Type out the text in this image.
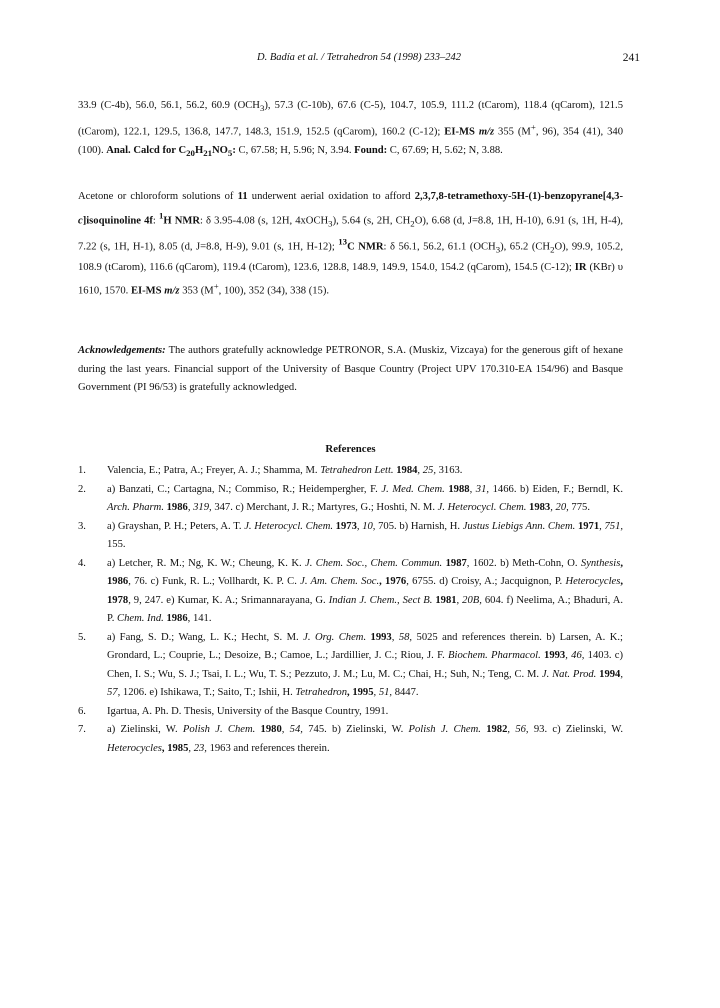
D. Badía et al. / Tetrahedron 54 (1998) 233–242	241

33.9 (C-4b), 56.0, 56.1, 56.2, 60.9 $(OCH_3)$, 57.3 (C-10b), 67.6 (C-5), 104.7, 105.9, 111.2 (tCarom), 118.4 (qCarom), 121.5 (tCarom), 122.1, 129.5, 136.8, 147.7, 148.3, 151.9, 152.5 (qCarom), 160.2 (C-12); EI-MS m/z 355 (M+, 96), 354 (41), 340 (100). Anal. Calcd for $C_{20}H_{21}NO_5$: C, 67.58; H, 5.96; N, 3.94. Found: C, 67.69; H, 5.62; N, 3.88.

Acetone or chloroform solutions of 11 underwent aerial oxidation to afford 2,3,7,8-tetramethoxy-5H-(1)-benzopyrane[4,3-c]isoquinoline 4f: $^1$H NMR: δ 3.95-4.08 (s, 12H, 4xOCH$_3$), 5.64 (s, 2H, $CH_2O$), 6.68 (d, J=8.8, 1H, H-10), 6.91 (s, 1H, H-4), 7.22 (s, 1H, H-1), 8.05 (d, J=8.8, H-9), 9.01 (s, 1H, H-12); $^{13}$C NMR: δ 56.1, 56.2, 61.1 $(OCH_3)$, 65.2 $(CH_2O)$, 99.9, 105.2, 108.9 (tCarom), 116.6 (qCarom), 119.4 (tCarom), 123.6, 128.8, 148.9, 149.9, 154.0, 154.2 (qCarom), 154.5 (C-12); IR (KBr) υ 1610, 1570. EI-MS m/z 353 (M+, 100), 352 (34), 338 (15).

Acknowledgements: The authors gratefully acknowledge PETRONOR, S.A. (Muskiz, Vizcaya) for the generous gift of hexane during the last years. Financial support of the University of Basque Country (Project UPV 170.310-EA 154/96) and Basque Government (PI 96/53) is gratefully acknowledged.

References
1. Valencia, E.; Patra, A.; Freyer, A. J.; Shamma, M. Tetrahedron Lett. 1984, 25, 3163.
2. a) Banzati, C.; Cartagna, N.; Commiso, R.; Heidempergher, F. J. Med. Chem. 1988, 31, 1466. b) Eiden, F.; Berndl, K. Arch. Pharm. 1986, 319, 347. c) Merchant, J. R.; Martyres, G.; Hoshti, N. M. J. Heterocycl. Chem. 1983, 20, 775.
3. a) Grayshan, P. H.; Peters, A. T. J. Heterocycl. Chem. 1973, 10, 705. b) Harnish, H. Justus Liebigs Ann. Chem. 1971, 751, 155.
4. a) Letcher, R. M.; Ng, K. W.; Cheung, K. K. J. Chem. Soc., Chem. Commun. 1987, 1602. b) Meth-Cohn, O. Synthesis, 1986, 76. c) Funk, R. L.; Vollhardt, K. P. C. J. Am. Chem. Soc., 1976, 6755. d) Croisy, A.; Jacquignon, P. Heterocycles, 1978, 9, 247. e) Kumar, K. A.; Srimannarayana, G. Indian J. Chem., Sect B. 1981, 20B, 604. f) Neelima, A.; Bhaduri, A. P. Chem. Ind. 1986, 141.
5. a) Fang, S. D.; Wang, L. K.; Hecht, S. M. J. Org. Chem. 1993, 58, 5025 and references therein. b) Larsen, A. K.; Grondard, L.; Couprie, L.; Desoize, B.; Camoe, L.; Jardillier, J. C.; Riou, J. F. Biochem. Pharmacol. 1993, 46, 1403. c) Chen, I. S.; Wu, S. J.; Tsai, I. L.; Wu, T. S.; Pezzuto, J. M.; Lu, M. C.; Chai, H.; Suh, N.; Teng, C. M. J. Nat. Prod. 1994, 57, 1206. e) Ishikawa, T.; Saito, T.; Ishii, H. Tetrahedron, 1995, 51, 8447.
6. Igartua, A. Ph. D. Thesis, University of the Basque Country, 1991.
7. a) Zielinski, W. Polish J. Chem. 1980, 54, 745. b) Zielinski, W. Polish J. Chem. 1982, 56, 93. c) Zielinski, W. Heterocycles, 1985, 23, 1963 and references therein.
